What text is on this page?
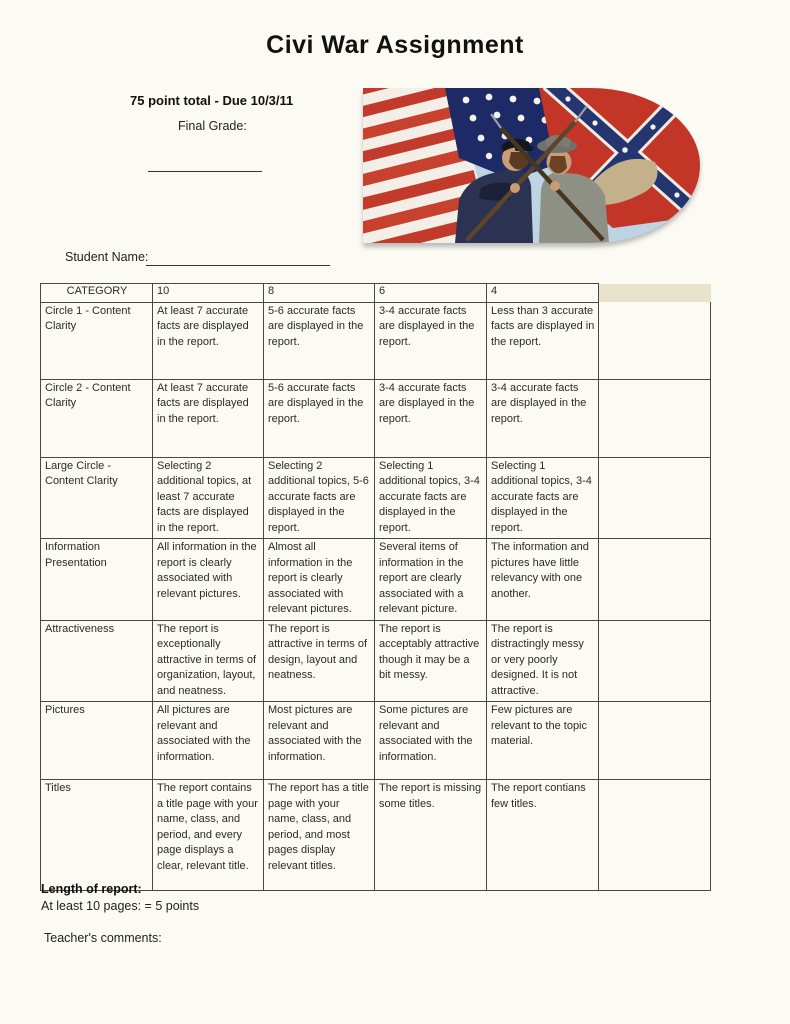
Civi War Assignment
75 point total - Due 10/3/11
Final Grade:
Student Name:
CATEGORY	10	8	6	4	
Circle 1 - Content Clarity	At least 7 accurate facts are displayed in the report.	5-6 accurate facts are displayed in the report.	3-4 accurate facts are displayed in the report.	Less than 3 accurate facts are displayed in the report.	
Circle 2 - Content Clarity	At least 7 accurate facts are displayed in the report.	5-6 accurate facts are displayed in the report.	3-4 accurate facts are displayed in the report.	3-4 accurate facts are displayed in the report.	
Large Circle - Content Clarity	Selecting 2 additional topics, at least 7 accurate facts are displayed in the report.	Selecting 2 additional topics, 5-6 accurate facts are displayed in the report.	Selecting 1 additional topics, 3-4 accurate facts are displayed in the report.	Selecting 1 additional topics, 3-4 accurate facts are displayed in the report.	
Information Presentation	All information in the report is clearly associated with relevant pictures.	Almost all information in the report is clearly associated with relevant pictures.	Several items of information in the report are clearly associated with a relevant picture.	The information and pictures have little relevancy with one another.	
Attractiveness	The report is exceptionally attractive in terms of organization, layout, and neatness.	The report is attractive in terms of design, layout and neatness.	The report is acceptably attractive though it may be a bit messy.	The report is distractingly messy or very poorly designed. It is not attractive.	
Pictures	All pictures are relevant and associated with the information.	Most pictures are relevant and associated with the information.	Some pictures are relevant and associated with the information.	Few pictures are relevant to the topic material.	
Titles	The report contains a title page with your name, class, and period, and every page displays a clear, relevant title.	The report has a title page with your name, class, and period, and most pages display relevant titles.	The report is missing some titles.	The report contians few titles.	
Length of report:
At least 10 pages: = 5 points
Teacher's comments:
